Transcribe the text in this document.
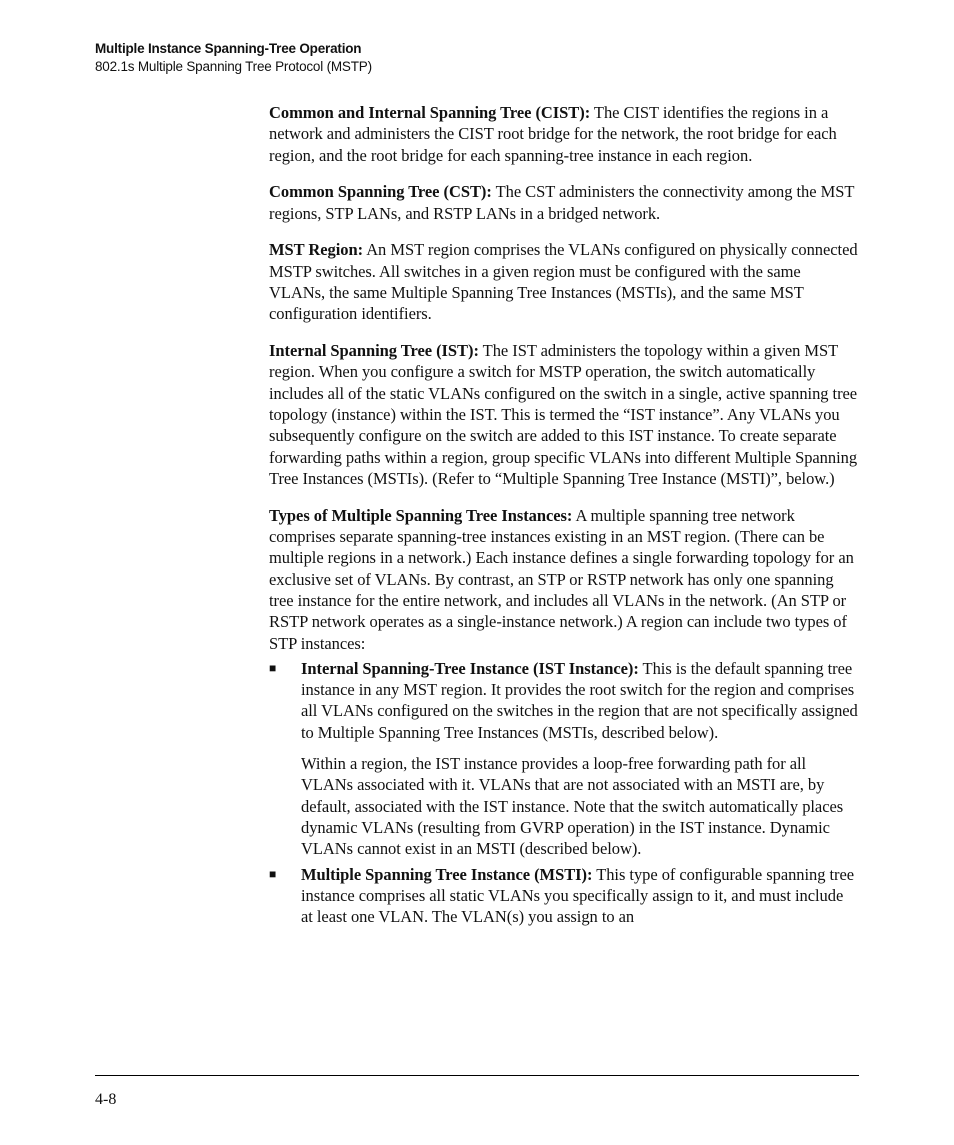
Multiple Instance Spanning-Tree Operation
802.1s Multiple Spanning Tree Protocol (MSTP)

Common and Internal Spanning Tree (CIST): The CIST identifies the regions in a network and administers the CIST root bridge for the network, the root bridge for each region, and the root bridge for each spanning-tree instance in each region.

Common Spanning Tree (CST): The CST administers the connectivity among the MST regions, STP LANs, and RSTP LANs in a bridged network.

MST Region: An MST region comprises the VLANs configured on physically connected MSTP switches. All switches in a given region must be configured with the same VLANs, the same Multiple Spanning Tree Instances (MSTIs), and the same MST configuration identifiers.

Internal Spanning Tree (IST): The IST administers the topology within a given MST region. When you configure a switch for MSTP operation, the switch automatically includes all of the static VLANs configured on the switch in a single, active spanning tree topology (instance) within the IST. This is termed the “IST instance”. Any VLANs you subsequently configure on the switch are added to this IST instance. To create separate forwarding paths within a region, group specific VLANs into different Multiple Spanning Tree Instances (MSTIs). (Refer to “Multiple Spanning Tree Instance (MSTI)”, below.)

Types of Multiple Spanning Tree Instances: A multiple spanning tree network comprises separate spanning-tree instances existing in an MST region. (There can be multiple regions in a network.) Each instance defines a single forwarding topology for an exclusive set of VLANs. By contrast, an STP or RSTP network has only one spanning tree instance for the entire network, and includes all VLANs in the network. (An STP or RSTP network operates as a single-instance network.) A region can include two types of STP instances:

■	Internal Spanning-Tree Instance (IST Instance): This is the default spanning tree instance in any MST region. It provides the root switch for the region and comprises all VLANs configured on the switches in the region that are not specifically assigned to Multiple Spanning Tree Instances (MSTIs, described below).

Within a region, the IST instance provides a loop-free forwarding path for all VLANs associated with it. VLANs that are not associated with an MSTI are, by default, associated with the IST instance. Note that the switch automatically places dynamic VLANs (resulting from GVRP operation) in the IST instance. Dynamic VLANs cannot exist in an MSTI (described below).

■	Multiple Spanning Tree Instance (MSTI): This type of configurable spanning tree instance comprises all static VLANs you specifically assign to it, and must include at least one VLAN. The VLAN(s) you assign to an

4-8
